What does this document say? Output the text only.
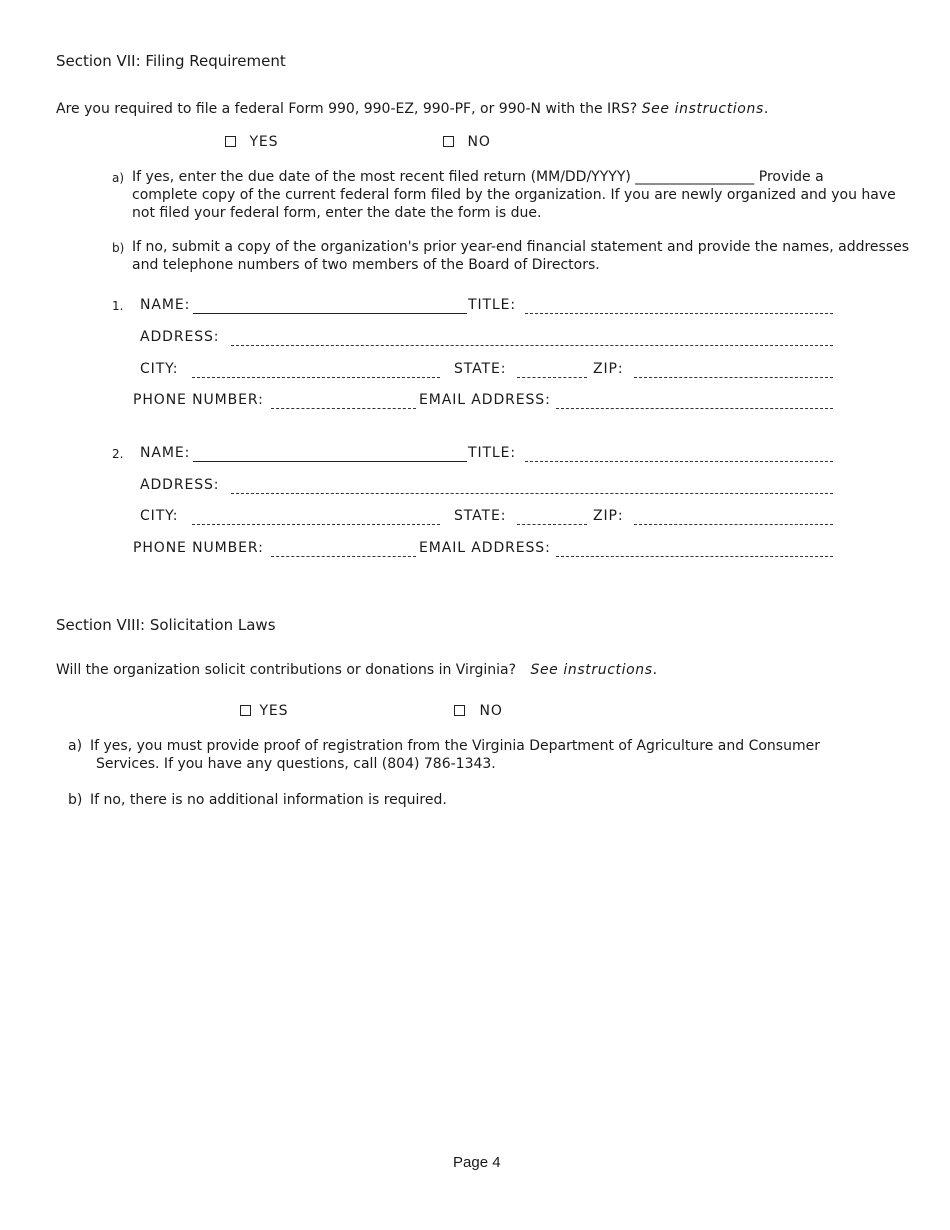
Section VII: Filing Requirement
Are you required to file a federal Form 990, 990-EZ, 990-PF, or 990-N with the IRS? See instructions.
YES	NO
a) If yes, enter the due date of the most recent filed return (MM/DD/YYYY) _________________ Provide a
complete copy of the current federal form filed by the organization. If you are newly organized and you have
not filed your federal form, enter the date the form is due.
b) If no, submit a copy of the organization's prior year-end financial statement and provide the names, addresses
and telephone numbers of two members of the Board of Directors.
1. NAME:	TITLE:
ADDRESS:
CITY:	STATE:	ZIP:
PHONE NUMBER:	EMAIL ADDRESS:
2. NAME:	TITLE:
ADDRESS:
CITY:	STATE:	ZIP:
PHONE NUMBER:	EMAIL ADDRESS:
Section VIII: Solicitation Laws
Will the organization solicit contributions or donations in Virginia? See instructions.
YES	NO
a) If yes, you must provide proof of registration from the Virginia Department of Agriculture and Consumer
Services. If you have any questions, call (804) 786-1343.
b) If no, there is no additional information is required.
Page 4
